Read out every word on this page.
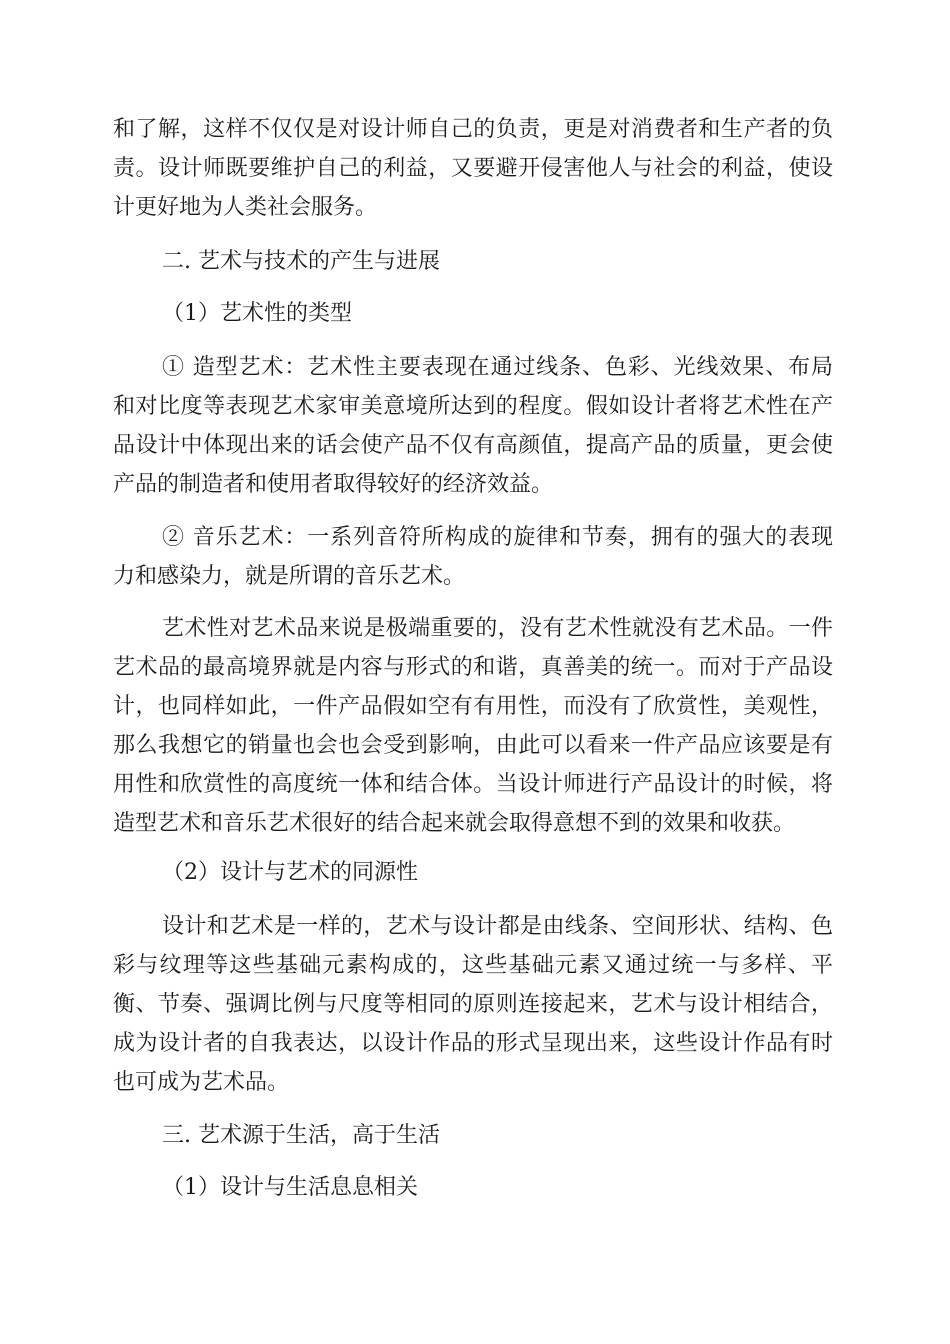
和了解，这样不仅仅是对设计师自己的负责，更是对消费者和生产者的负
责。设计师既要维护自己的利益，又要避开侵害他人与社会的利益，使设
计更好地为人类社会服务。
二. 艺术与技术的产生与进展
（1）艺术性的类型
① 造型艺术：艺术性主要表现在通过线条、色彩、光线效果、布局
和对比度等表现艺术家审美意境所达到的程度。假如设计者将艺术性在产
品设计中体现出来的话会使产品不仅有高颜值，提高产品的质量，更会使
产品的制造者和使用者取得较好的经济效益。
② 音乐艺术：一系列音符所构成的旋律和节奏，拥有的强大的表现
力和感染力，就是所谓的音乐艺术。
艺术性对艺术品来说是极端重要的，没有艺术性就没有艺术品。一件
艺术品的最高境界就是内容与形式的和谐，真善美的统一。而对于产品设
计，也同样如此，一件产品假如空有有用性，而没有了欣赏性，美观性，
那么我想它的销量也会也会受到影响，由此可以看来一件产品应该要是有
用性和欣赏性的高度统一体和结合体。当设计师进行产品设计的时候，将
造型艺术和音乐艺术很好的结合起来就会取得意想不到的效果和收获。
（2）设计与艺术的同源性
设计和艺术是一样的，艺术与设计都是由线条、空间形状、结构、色
彩与纹理等这些基础元素构成的，这些基础元素又通过统一与多样、平
衡、节奏、强调比例与尺度等相同的原则连接起来，艺术与设计相结合，
成为设计者的自我表达，以设计作品的形式呈现出来，这些设计作品有时
也可成为艺术品。
三. 艺术源于生活，高于生活
（1）设计与生活息息相关
